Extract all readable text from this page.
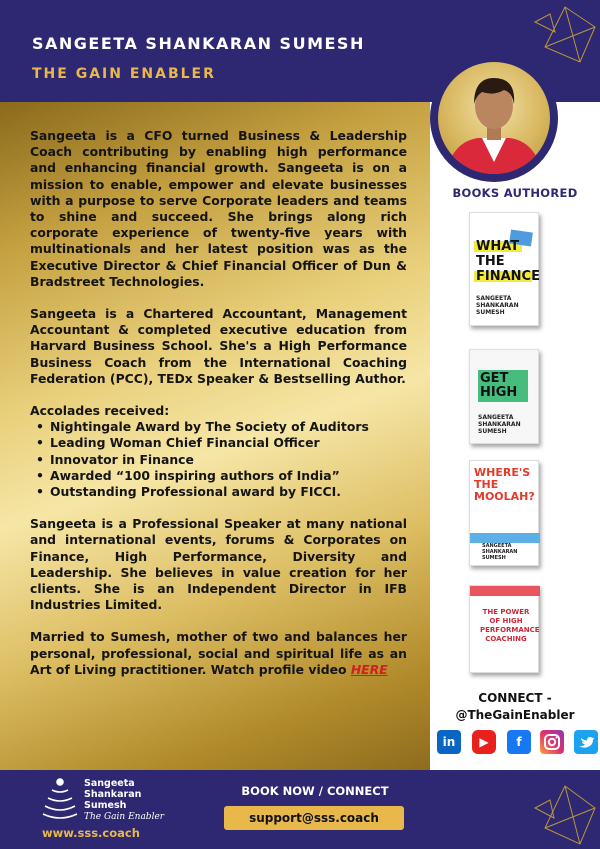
SANGEETA SHANKARAN SUMESH
THE GAIN ENABLER

Sangeeta is a CFO turned Business & Leadership Coach contributing by enabling high performance and enhancing financial growth. Sangeeta is on a mission to enable, empower and elevate businesses with a purpose to serve Corporate leaders and teams to shine and succeed. She brings along rich corporate experience of twenty-five years with multinationals and her latest position was as the Executive Director & Chief Financial Officer of Dun & Bradstreet Technologies.

Sangeeta is a Chartered Accountant, Management Accountant & completed executive education from Harvard Business School. She's a High Performance Business Coach from the International Coaching Federation (PCC), TEDx Speaker & Bestselling Author.

Accolades received:

• Nightingale Award by The Society of Auditors
• Leading Woman Chief Financial Officer
• Innovator in Finance
• Awarded “100 inspiring authors of India”
• Outstanding Professional award by FICCI.

Sangeeta is a Professional Speaker at many national and international events, forums & Corporates on Finance, High Performance, Diversity and Leadership. She believes in value creation for her clients. She is an Independent Director in IFB Industries Limited.

Married to Sumesh, mother of two and balances her personal, professional, social and spiritual life as an Art of Living practitioner. Watch profile video HERE

BOOKS AUTHORED
WHAT THE FINANCE
SANGEETA SHANKARAN SUMESH
GET HIGH
SANGEETA SHANKARAN SUMESH
WHERE'S THE MOOLAH?
SANGEETA SHANKARAN SUMESH
THE POWER OF HIGH PERFORMANCE COACHING
CONNECT -
@TheGainEnabler
in	▶	f
Sangeeta
Shankaran
Sumesh
The Gain Enabler
www.sss.coach
BOOK NOW / CONNECT
support@sss.coach
